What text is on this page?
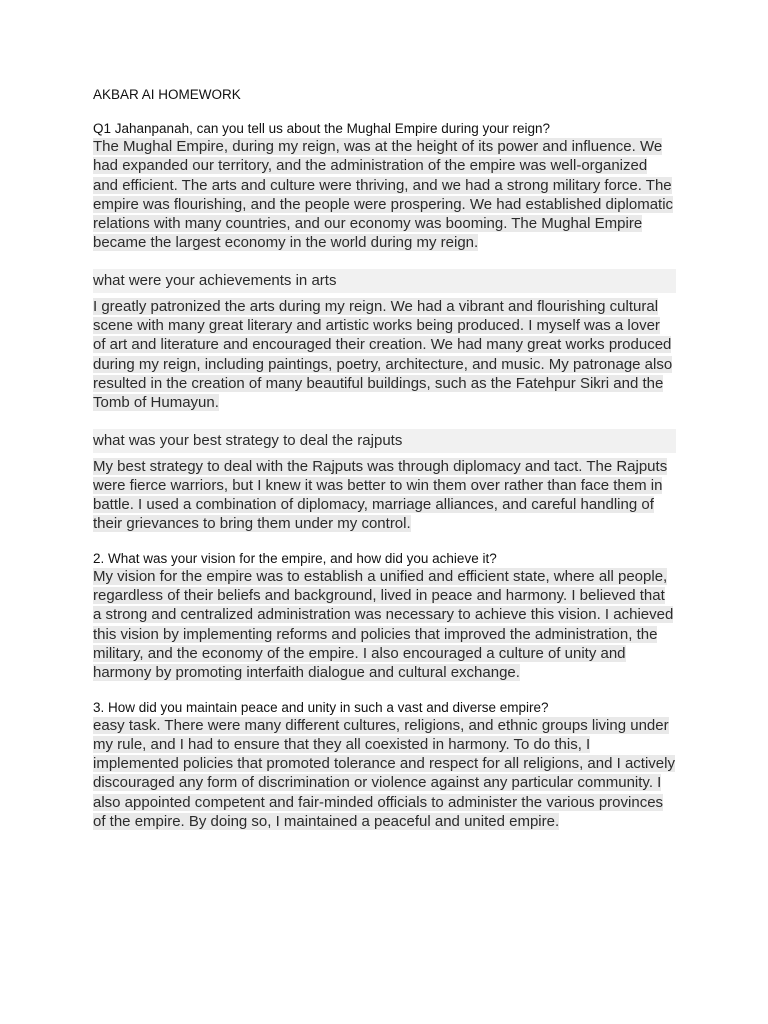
AKBAR AI HOMEWORK

Q1 Jahanpanah, can you tell us about the Mughal Empire during your reign?

The Mughal Empire, during my reign, was at the height of its power and influence. We had expanded our territory, and the administration of the empire was well-organized and efficient. The arts and culture were thriving, and we had a strong military force. The empire was flourishing, and the people were prospering. We had established diplomatic relations with many countries, and our economy was booming. The Mughal Empire became the largest economy in the world during my reign.

what were your achievements in arts

I greatly patronized the arts during my reign. We had a vibrant and flourishing cultural scene with many great literary and artistic works being produced. I myself was a lover of art and literature and encouraged their creation. We had many great works produced during my reign, including paintings, poetry, architecture, and music. My patronage also resulted in the creation of many beautiful buildings, such as the Fatehpur Sikri and the Tomb of Humayun.

what was your best strategy to deal the rajputs

My best strategy to deal with the Rajputs was through diplomacy and tact. The Rajputs were fierce warriors, but I knew it was better to win them over rather than face them in battle. I used a combination of diplomacy, marriage alliances, and careful handling of their grievances to bring them under my control.

2. What was your vision for the empire, and how did you achieve it?

My vision for the empire was to establish a unified and efficient state, where all people, regardless of their beliefs and background, lived in peace and harmony. I believed that a strong and centralized administration was necessary to achieve this vision. I achieved this vision by implementing reforms and policies that improved the administration, the military, and the economy of the empire. I also encouraged a culture of unity and harmony by promoting interfaith dialogue and cultural exchange.

3. How did you maintain peace and unity in such a vast and diverse empire?

easy task. There were many different cultures, religions, and ethnic groups living under my rule, and I had to ensure that they all coexisted in harmony. To do this, I implemented policies that promoted tolerance and respect for all religions, and I actively discouraged any form of discrimination or violence against any particular community. I also appointed competent and fair-minded officials to administer the various provinces of the empire. By doing so, I maintained a peaceful and united empire.
